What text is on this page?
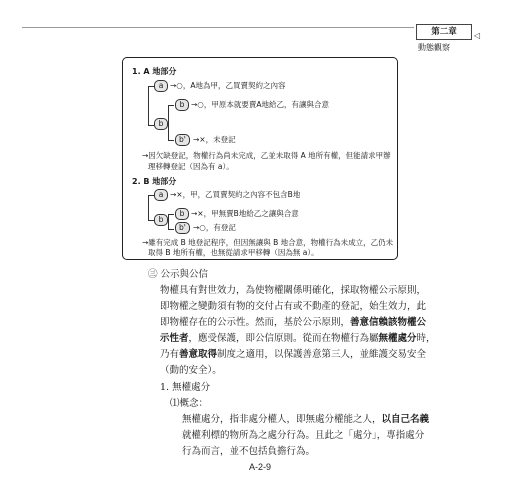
第二章	◁
動態觀察
1. A 地部分
a →○，A地為甲，乙買賣契約之內容
b
b →○，甲原本就要賣A地給乙，有讓與合意
b' →×，未登記
→因欠缺登記，物權行為尚未完成，乙並未取得 A 地所有權，但能請求甲辦
理移轉登記（因為有 a）。
2. B 地部分
a →×，甲，乙買賣契約之內容不包含B地
b
b →×，甲無賣B地給乙之讓與合意
b' →○，有登記
㊂ 公示與公信
物權具有對世效力，為使物權關係明確化，採取物權公示原則，
即物權之變動須有物的交付占有或不動產的登記，始生效力，此
即物權存在的公示性。然而，基於公示原則，善意信賴該物權公
示性者，應受保護，即公信原則。從而在物權行為屬無權處分時，
乃有善意取得制度之適用，以保護善意第三人，並維護交易安全
（動的安全）。
1. 無權處分
⑴概念：
無權處分，指非處分權人，即無處分權能之人，以自己名義
就權利標的物所為之處分行為。且此之「處分」，專指處分
行為而言，並不包括負擔行為。
A-2-9
→雖有完成 B 地登記程序，但因無讓與 B 地合意，物權行為未成立，乙仍未
取得 B 地所有權，也無從請求甲移轉（因為無 a）。
